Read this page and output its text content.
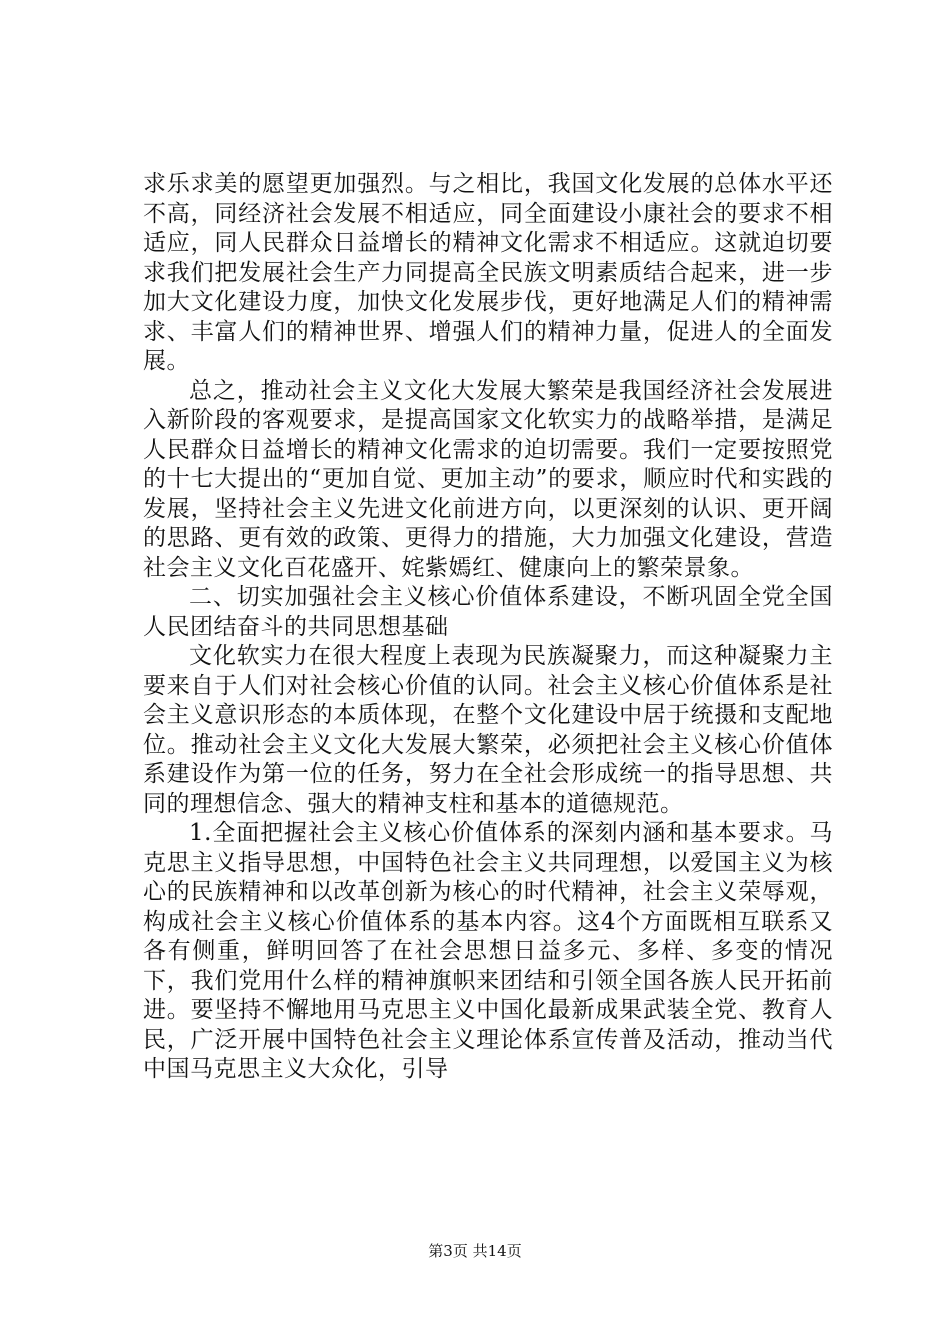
求乐求美的愿望更加强烈。与之相比，我国文化发展的总体水平还不高，同经济社会发展不相适应，同全面建设小康社会的要求不相适应，同人民群众日益增长的精神文化需求不相适应。这就迫切要求我们把发展社会生产力同提高全民族文明素质结合起来，进一步加大文化建设力度，加快文化发展步伐，更好地满足人们的精神需求、丰富人们的精神世界、增强人们的精神力量，促进人的全面发展。

总之，推动社会主义文化大发展大繁荣是我国经济社会发展进入新阶段的客观要求，是提高国家文化软实力的战略举措，是满足人民群众日益增长的精神文化需求的迫切需要。我们一定要按照党的十七大提出的“更加自觉、更加主动”的要求，顺应时代和实践的发展，坚持社会主义先进文化前进方向，以更深刻的认识、更开阔的思路、更有效的政策、更得力的措施，大力加强文化建设，营造社会主义文化百花盛开、姹紫嫣红、健康向上的繁荣景象。

二、切实加强社会主义核心价值体系建设，不断巩固全党全国人民团结奋斗的共同思想基础

文化软实力在很大程度上表现为民族凝聚力，而这种凝聚力主要来自于人们对社会核心价值的认同。社会主义核心价值体系是社会主义意识形态的本质体现，在整个文化建设中居于统摄和支配地位。推动社会主义文化大发展大繁荣，必须把社会主义核心价值体系建设作为第一位的任务，努力在全社会形成统一的指导思想、共同的理想信念、强大的精神支柱和基本的道德规范。

1.全面把握社会主义核心价值体系的深刻内涵和基本要求。马克思主义指导思想，中国特色社会主义共同理想，以爱国主义为核心的民族精神和以改革创新为核心的时代精神，社会主义荣辱观，构成社会主义核心价值体系的基本内容。这4个方面既相互联系又各有侧重，鲜明回答了在社会思想日益多元、多样、多变的情况下，我们党用什么样的精神旗帜来团结和引领全国各族人民开拓前进。要坚持不懈地用马克思主义中国化最新成果武装全党、教育人民，广泛开展中国特色社会主义理论体系宣传普及活动，推动当代中国马克思主义大众化，引导

第3页 共14页
